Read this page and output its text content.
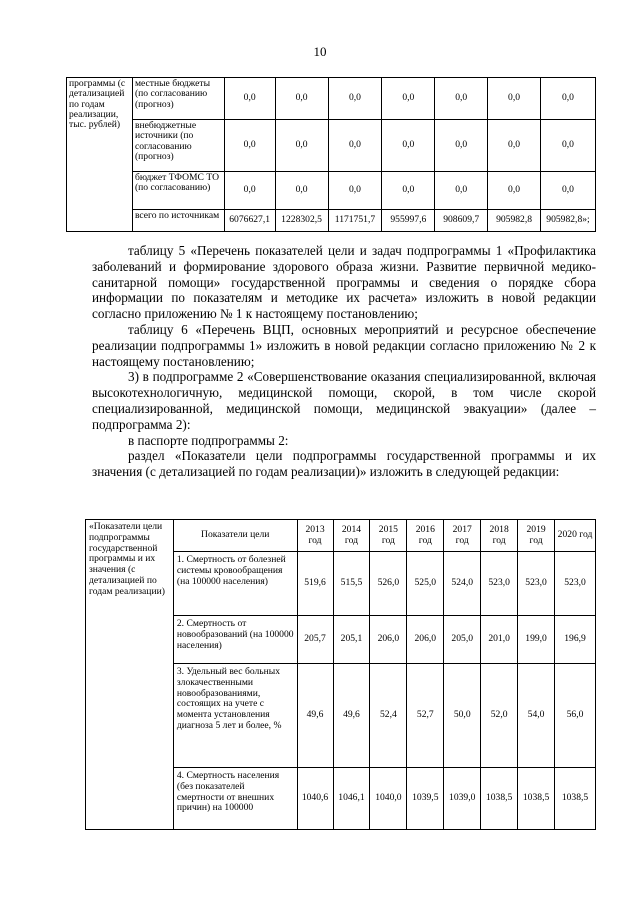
10
программы (с детализацией по годам реализации, тыс. рублей)	местные бюджеты (по согласованию (прогноз)	0,0	0,0	0,0	0,0	0,0	0,0	0,0
	внебюджетные источники (по согласованию (прогноз)	0,0	0,0	0,0	0,0	0,0	0,0	0,0
	бюджет ТФОМС ТО (по согласованию)	0,0	0,0	0,0	0,0	0,0	0,0	0,0
	всего по источникам	6076627,1	1228302,5	1171751,7	955997,6	908609,7	905982,8	905982,8»;

таблицу 5 «Перечень показателей цели и задач подпрограммы 1 «Профилактика заболеваний и формирование здорового образа жизни. Развитие первичной медико-санитарной помощи» государственной программы и сведения о порядке сбора информации по показателям и методике их расчета» изложить в новой редакции согласно приложению № 1 к настоящему постановлению;

таблицу 6 «Перечень ВЦП, основных мероприятий и ресурсное обеспечение реализации подпрограммы 1» изложить в новой редакции согласно приложению № 2 к настоящему постановлению;

3) в подпрограмме 2 «Совершенствование оказания специализированной, включая высокотехнологичную, медицинской помощи, скорой, в том числе скорой специализированной, медицинской помощи, медицинской эвакуации» (далее – подпрограмма 2):

в паспорте подпрограммы 2:

раздел «Показатели цели подпрограммы государственной программы и их значения (с детализацией по годам реализации)» изложить в следующей редакции:

«Показатели цели подпрограммы государственной программы и их значения (с детализацией по годам реализации)	Показатели цели	2013 год	2014 год	2015 год	2016 год	2017 год	2018 год	2019 год	2020 год
	1. Смертность от болезней системы кровообращения (на 100000 населения)	519,6	515,5	526,0	525,0	524,0	523,0	523,0	523,0
	2. Смертность от новообразований (на 100000 населения)	205,7	205,1	206,0	206,0	205,0	201,0	199,0	196,9
	3. Удельный вес больных злокачественными новообразованиями, состоящих на учете с момента установления диагноза 5 лет и более, %	49,6	49,6	52,4	52,7	50,0	52,0	54,0	56,0
	4. Смертность населения (без показателей смертности от внешних причин) на 100000	1040,6	1046,1	1040,0	1039,5	1039,0	1038,5	1038,5	1038,5
